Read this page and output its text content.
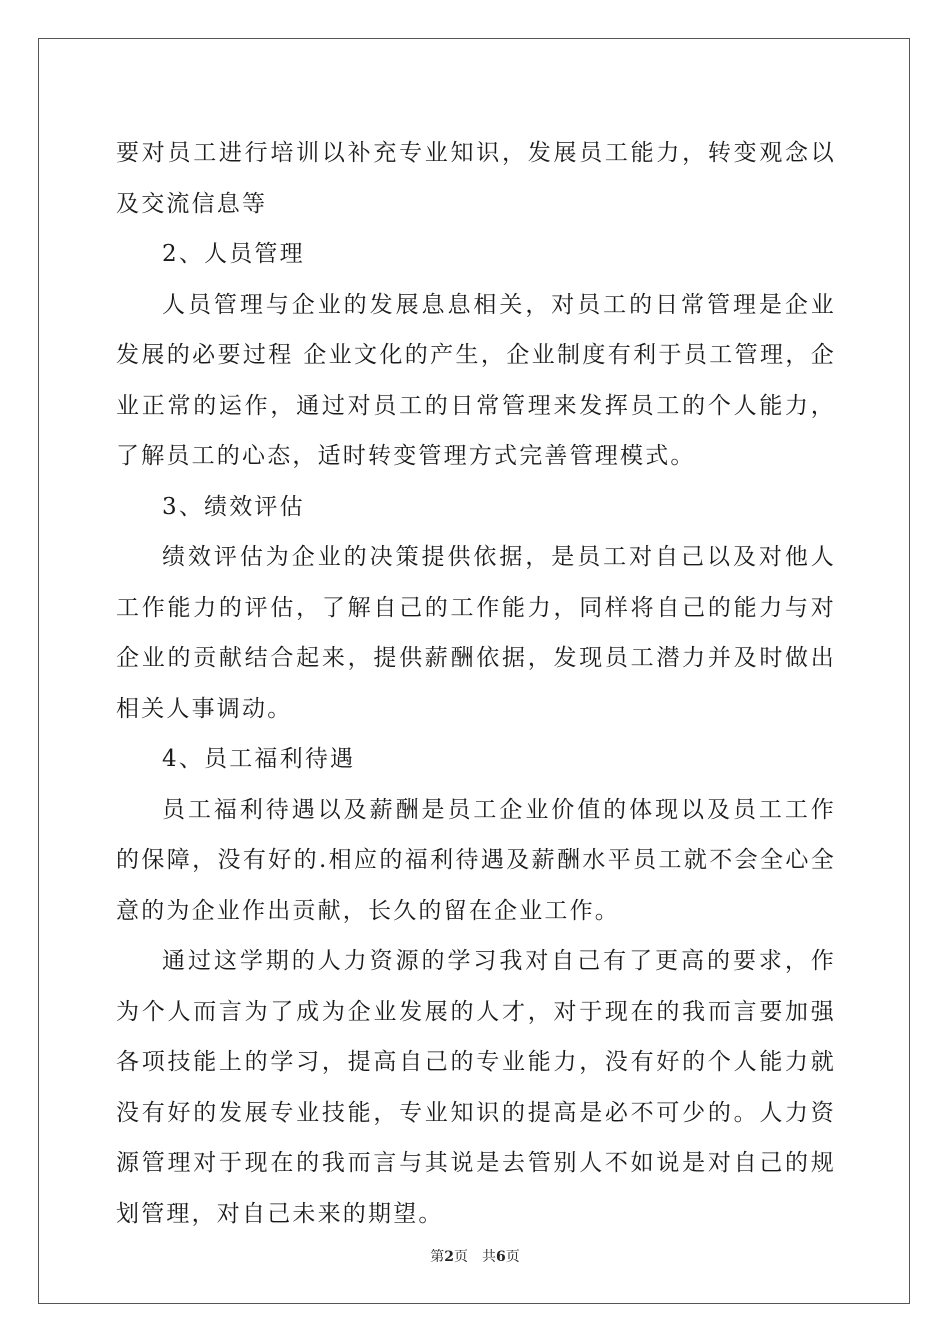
要对员工进行培训以补充专业知识，发展员工能力，转变观念以及交流信息等

2、人员管理

人员管理与企业的发展息息相关，对员工的日常管理是企业发展的必要过程 企业文化的产生，企业制度有利于员工管理，企业正常的运作，通过对员工的日常管理来发挥员工的个人能力，了解员工的心态，适时转变管理方式完善管理模式。

3、绩效评估

绩效评估为企业的决策提供依据，是员工对自己以及对他人工作能力的评估，了解自己的工作能力，同样将自己的能力与对企业的贡献结合起来，提供薪酬依据，发现员工潜力并及时做出相关人事调动。

4、员工福利待遇

员工福利待遇以及薪酬是员工企业价值的体现以及员工工作的保障，没有好的.相应的福利待遇及薪酬水平员工就不会全心全意的为企业作出贡献，长久的留在企业工作。

通过这学期的人力资源的学习我对自己有了更高的要求，作为个人而言为了成为企业发展的人才，对于现在的我而言要加强各项技能上的学习，提高自己的专业能力，没有好的个人能力就没有好的发展专业技能，专业知识的提高是必不可少的。人力资源管理对于现在的我而言与其说是去管别人不如说是对自己的规划管理，对自己未来的期望。

第2页 共6页
